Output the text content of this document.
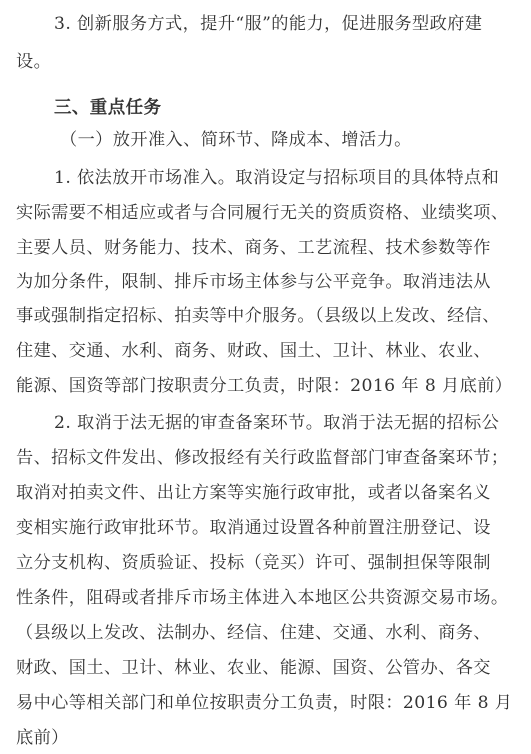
3. 创新服务方式，提升“服”的能力，促进服务型政府建
设。
三、重点任务
（一）放开准入、简环节、降成本、增活力。
1. 依法放开市场准入。取消设定与招标项目的具体特点和
实际需要不相适应或者与合同履行无关的资质资格、业绩奖项、
主要人员、财务能力、技术、商务、工艺流程、技术参数等作
为加分条件，限制、排斥市场主体参与公平竞争。取消违法从
事或强制指定招标、拍卖等中介服务。（县级以上发改、经信、
住建、交通、水利、商务、财政、国土、卫计、林业、农业、
能源、国资等部门按职责分工负责，时限：2016 年 8 月底前）
2. 取消于法无据的审查备案环节。取消于法无据的招标公
告、招标文件发出、修改报经有关行政监督部门审查备案环节；
取消对拍卖文件、出让方案等实施行政审批，或者以备案名义
变相实施行政审批环节。取消通过设置各种前置注册登记、设
立分支机构、资质验证、投标（竞买）许可、强制担保等限制
性条件，阻碍或者排斥市场主体进入本地区公共资源交易市场。
（县级以上发改、法制办、经信、住建、交通、水利、商务、
财政、国土、卫计、林业、农业、能源、国资、公管办、各交
易中心等相关部门和单位按职责分工负责，时限：2016 年 8 月
底前）
